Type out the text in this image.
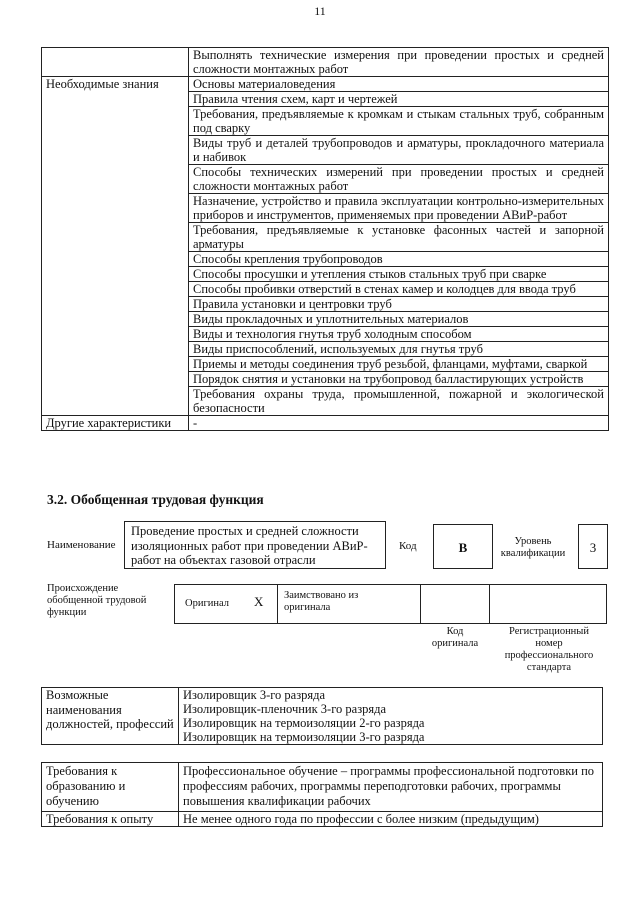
11
	Выполнять технические измерения при проведении простых и средней сложности монтажных работ
Необходимые знания	Основы материаловедения
	Правила чтения схем, карт и чертежей
	Требования, предъявляемые к кромкам и стыкам стальных труб, собранным под сварку
	Виды труб и деталей трубопроводов и арматуры, прокладочного материала и набивок
	Способы технических измерений при проведении простых и средней сложности монтажных работ
	Назначение, устройство и правила эксплуатации контрольно-измерительных приборов и инструментов, применяемых при проведении АВиР-работ
	Требования, предъявляемые к установке фасонных частей и запорной арматуры
	Способы крепления трубопроводов
	Способы просушки и утепления стыков стальных труб при сварке
	Способы пробивки отверстий в стенах камер и колодцев для ввода труб
	Правила установки и центровки труб
	Виды прокладочных и уплотнительных материалов
	Виды и технология гнутья труб холодным способом
	Виды приспособлений, используемых для гнутья труб
	Приемы и методы соединения труб резьбой, фланцами, муфтами, сваркой
	Порядок снятия и установки на трубопровод балластирующих устройств
	Требования охраны труда, промышленной, пожарной и экологической безопасности
Другие характеристики	-
3.2. Обобщенная трудовая функция
Наименование
Проведение простых и средней сложности изоляционных работ при проведении АВиР-работ на объектах газовой отрасли
Код	B	Уровень квалификации	3
Происхождение обобщенной трудовой функции
Оригинал X Заимствовано из оригинала
Код оригинала
Регистрационный номер профессионального стандарта
Возможные наименования должностей, профессий	Изолировщик 3-го разряда
Изолировщик-пленочник 3-го разряда
Изолировщик на термоизоляции 2-го разряда
Изолировщик на термоизоляции 3-го разряда
Требования к образованию и обучению	Профессиональное обучение – программы профессиональной подготовки по профессиям рабочих, программы переподготовки рабочих, программы повышения квалификации рабочих
Требования к опыту	Не менее одного года по профессии с более низким (предыдущим)
